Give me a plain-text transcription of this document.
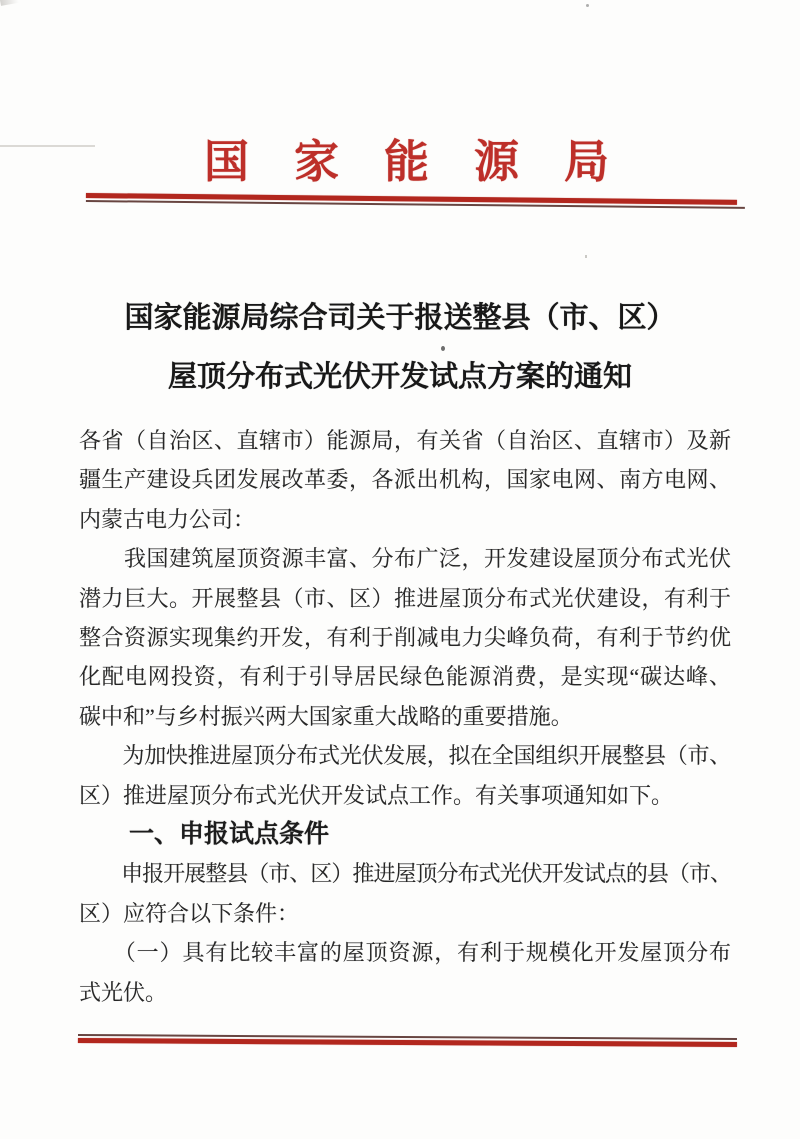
国家能源局
国家能源局综合司关于报送整县（市、区）
屋顶分布式光伏开发试点方案的通知
各省（自治区、直辖市）能源局，有关省（自治区、直辖市）及新
疆生产建设兵团发展改革委，各派出机构，国家电网、南方电网、
内蒙古电力公司：
　　我国建筑屋顶资源丰富、分布广泛，开发建设屋顶分布式光伏
潜力巨大。开展整县（市、区）推进屋顶分布式光伏建设，有利于
整合资源实现集约开发，有利于削减电力尖峰负荷，有利于节约优
化配电网投资，有利于引导居民绿色能源消费，是实现“碳达峰、
碳中和”与乡村振兴两大国家重大战略的重要措施。
　　为加快推进屋顶分布式光伏发展，拟在全国组织开展整县（市、
区）推进屋顶分布式光伏开发试点工作。有关事项通知如下。
　　一、申报试点条件
　　申报开展整县（市、区）推进屋顶分布式光伏开发试点的县（市、
区）应符合以下条件：
　　（一）具有比较丰富的屋顶资源，有利于规模化开发屋顶分布
式光伏。
